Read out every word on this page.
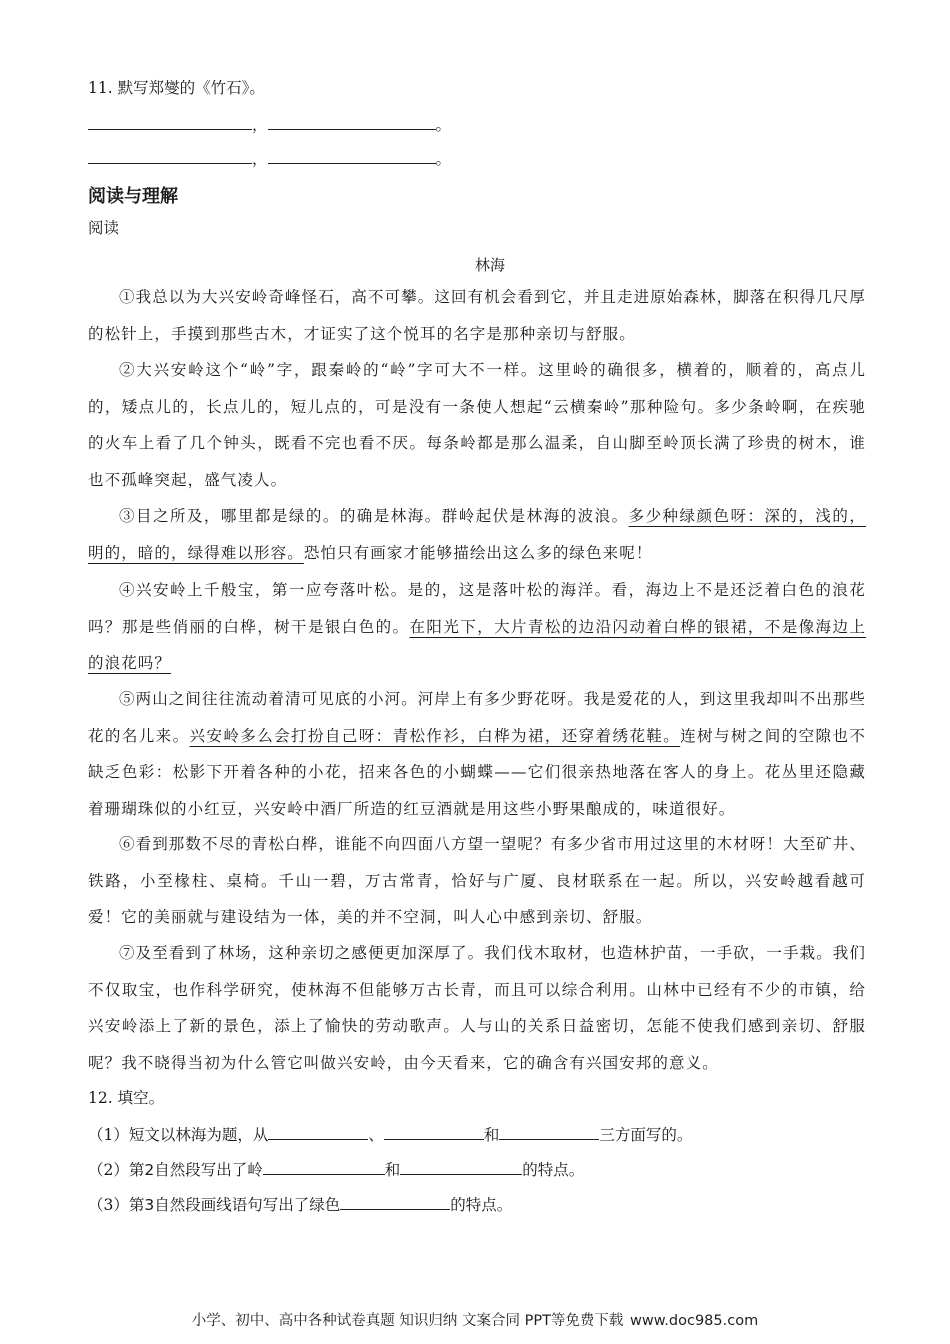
11. 默写郑燮的《竹石》。
，	。
，	。
阅读与理解
阅读
林海
①我总以为大兴安岭奇峰怪石，高不可攀。这回有机会看到它，并且走进原始森林，脚落在积得几尺厚的松针上，手摸到那些古木，才证实了这个悦耳的名字是那种亲切与舒服。
②大兴安岭这个“岭”字，跟秦岭的“岭”字可大不一样。这里岭的确很多，横着的，顺着的，高点儿的，矮点儿的，长点儿的，短儿点的，可是没有一条使人想起“云横秦岭”那种险句。多少条岭啊，在疾驰的火车上看了几个钟头，既看不完也看不厌。每条岭都是那么温柔，自山脚至岭顶长满了珍贵的树木，谁也不孤峰突起，盛气凌人。
③目之所及，哪里都是绿的。的确是林海。群岭起伏是林海的波浪。多少种绿颜色呀：深的，浅的，明的，暗的，绿得难以形容。恐怕只有画家才能够描绘出这么多的绿色来呢！
④兴安岭上千般宝，第一应夸落叶松。是的，这是落叶松的海洋。看，海边上不是还泛着白色的浪花吗？那是些俏丽的白桦，树干是银白色的。在阳光下，大片青松的边沿闪动着白桦的银裙，不是像海边上的浪花吗？
⑤两山之间往往流动着清可见底的小河。河岸上有多少野花呀。我是爱花的人，到这里我却叫不出那些花的名儿来。兴安岭多么会打扮自己呀：青松作衫，白桦为裙，还穿着绣花鞋。连树与树之间的空隙也不缺乏色彩：松影下开着各种的小花，招来各色的小蝴蝶——它们很亲热地落在客人的身上。花丛里还隐藏着珊瑚珠似的小红豆，兴安岭中酒厂所造的红豆酒就是用这些小野果酿成的，味道很好。
⑥看到那数不尽的青松白桦，谁能不向四面八方望一望呢？有多少省市用过这里的木材呀！大至矿井、铁路，小至椽柱、桌椅。千山一碧，万古常青，恰好与广厦、良材联系在一起。所以，兴安岭越看越可爱！它的美丽就与建设结为一体，美的并不空洞，叫人心中感到亲切、舒服。
⑦及至看到了林场，这种亲切之感便更加深厚了。我们伐木取材，也造林护苗，一手砍，一手栽。我们不仅取宝，也作科学研究，使林海不但能够万古长青，而且可以综合利用。山林中已经有不少的市镇，给兴安岭添上了新的景色，添上了愉快的劳动歌声。人与山的关系日益密切，怎能不使我们感到亲切、舒服呢？我不晓得当初为什么管它叫做兴安岭，由今天看来，它的确含有兴国安邦的意义。
12. 填空。
（1）短文以林海为题，从	、	和	三方面写的。
（2）第2自然段写出了岭	和	的特点。
（3）第3自然段画线语句写出了绿色	的特点。
小学、初中、高中各种试卷真题 知识归纳 文案合同 PPT等免费下载 www.doc985.com
